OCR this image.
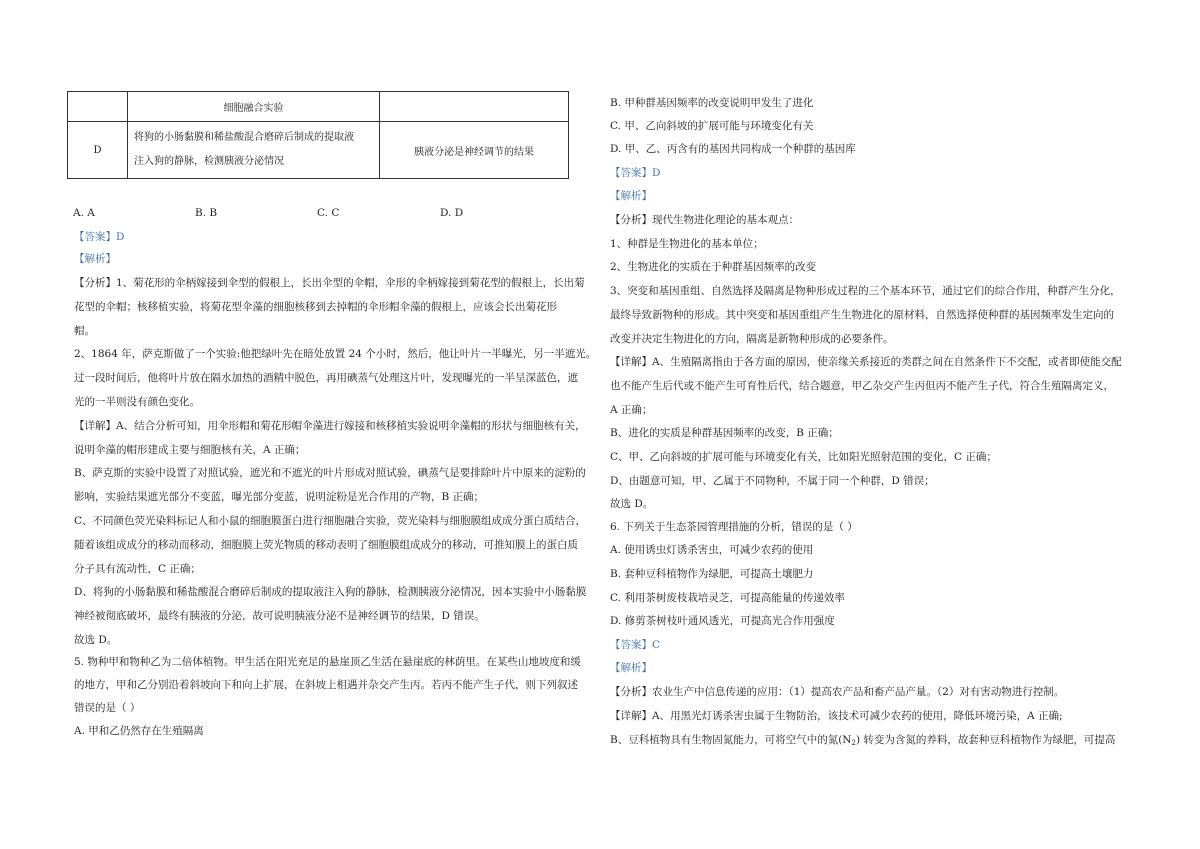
	细胞融合实验	
D	将狗的小肠黏膜和稀盐酸混合磨碎后制成的提取液
注入狗的静脉，检测胰液分泌情况	胰液分泌是神经调节的结果
A. A	B. B	C. C	D. D
【答案】D
【解析】
【分析】1、菊花形的伞柄嫁接到伞型的假根上，长出伞型的伞帽，伞形的伞柄嫁接到菊花型的假根上，长出菊
花型的伞帽；核移植实验，将菊花型伞藻的细胞核移到去掉帽的伞形帽伞藻的假根上，应该会长出菊花形
帽。
2、1864 年，萨克斯做了一个实验:他把绿叶先在暗处放置 24 个小时，然后，他让叶片一半曝光，另一半遮光。
过一段时间后，他将叶片放在隔水加热的酒精中脱色，再用碘蒸气处理这片叶，发现曝光的一半呈深蓝色，遮
光的一半则没有颜色变化。
【详解】A、结合分析可知，用伞形帽和菊花形帽伞藻进行嫁接和核移植实验说明伞藻帽的形状与细胞核有关，
说明伞藻的帽形建成主要与细胞核有关，A 正确；
B、萨克斯的实验中设置了对照试验，遮光和不遮光的叶片形成对照试验，碘蒸气是要排除叶片中原来的淀粉的
影响，实验结果遮光部分不变蓝，曝光部分变蓝，说明淀粉是光合作用的产物，B 正确；
C、不同颜色荧光染料标记人和小鼠的细胞膜蛋白进行细胞融合实验，荧光染料与细胞膜组成成分蛋白质结合，
随着该组成成分的移动而移动，细胞膜上荧光物质的移动表明了细胞膜组成成分的移动，可推知膜上的蛋白质
分子具有流动性，C 正确；
D、将狗的小肠黏膜和稀盐酸混合磨碎后制成的提取液注入狗的静脉，检测胰液分泌情况，因本实验中小肠黏膜
神经被彻底破坏，最终有胰液的分泌，故可说明胰液分泌不是神经调节的结果，D 错误。
故选 D。
5. 物种甲和物种乙为二倍体植物。甲生活在阳光充足的悬崖顶乙生活在悬崖底的林荫里。在某些山地坡度和缓
的地方，甲和乙分别沿着斜坡向下和向上扩展，在斜坡上相遇并杂交产生丙。若丙不能产生子代，则下列叙述
错误的是（ ）
A. 甲和乙仍然存在生殖隔离
B. 甲种群基因频率的改变说明甲发生了进化
C. 甲、乙向斜坡的扩展可能与环境变化有关
D. 甲、乙、丙含有的基因共同构成一个种群的基因库
【答案】D
【解析】
【分析】现代生物进化理论的基本观点：
1、种群是生物进化的基本单位；
2、生物进化的实质在于种群基因频率的改变
3、突变和基因重组、自然选择及隔离是物种形成过程的三个基本环节，通过它们的综合作用，种群产生分化，
最终导致新物种的形成。其中突变和基因重组产生生物进化的原材料，自然选择使种群的基因频率发生定向的
改变并决定生物进化的方向，隔离是新物种形成的必要条件。
【详解】A、生殖隔离指由于各方面的原因，使亲缘关系接近的类群之间在自然条件下不交配，或者即使能交配
也不能产生后代或不能产生可育性后代，结合题意，甲乙杂交产生丙但丙不能产生子代，符合生殖隔离定义，
A 正确；
B、进化的实质是种群基因频率的改变，B 正确；
C、甲、乙向斜坡的扩展可能与环境变化有关，比如阳光照射范围的变化，C 正确；
D、由题意可知，甲、乙属于不同物种，不属于同一个种群，D 错误；
故选 D。
6. 下列关于生态茶园管理措施的分析，错误的是（ ）
A. 使用诱虫灯诱杀害虫，可减少农药的使用
B. 套种豆科植物作为绿肥，可提高土壤肥力
C. 利用茶树废枝栽培灵芝，可提高能量的传递效率
D. 修剪茶树枝叶通风透光，可提高光合作用强度
【答案】C
【解析】
【分析】农业生产中信息传递的应用：（1）提高农产品和畜产品产量。（2）对有害动物进行控制。
【详解】A、用黑光灯诱杀害虫属于生物防治，该技术可减少农药的使用，降低环境污染，A 正确;
B、豆科植物具有生物固氮能力，可将空气中的氮$(N_2)$ 转变为含氮的养料，故套种豆科植物作为绿肥，可提高
